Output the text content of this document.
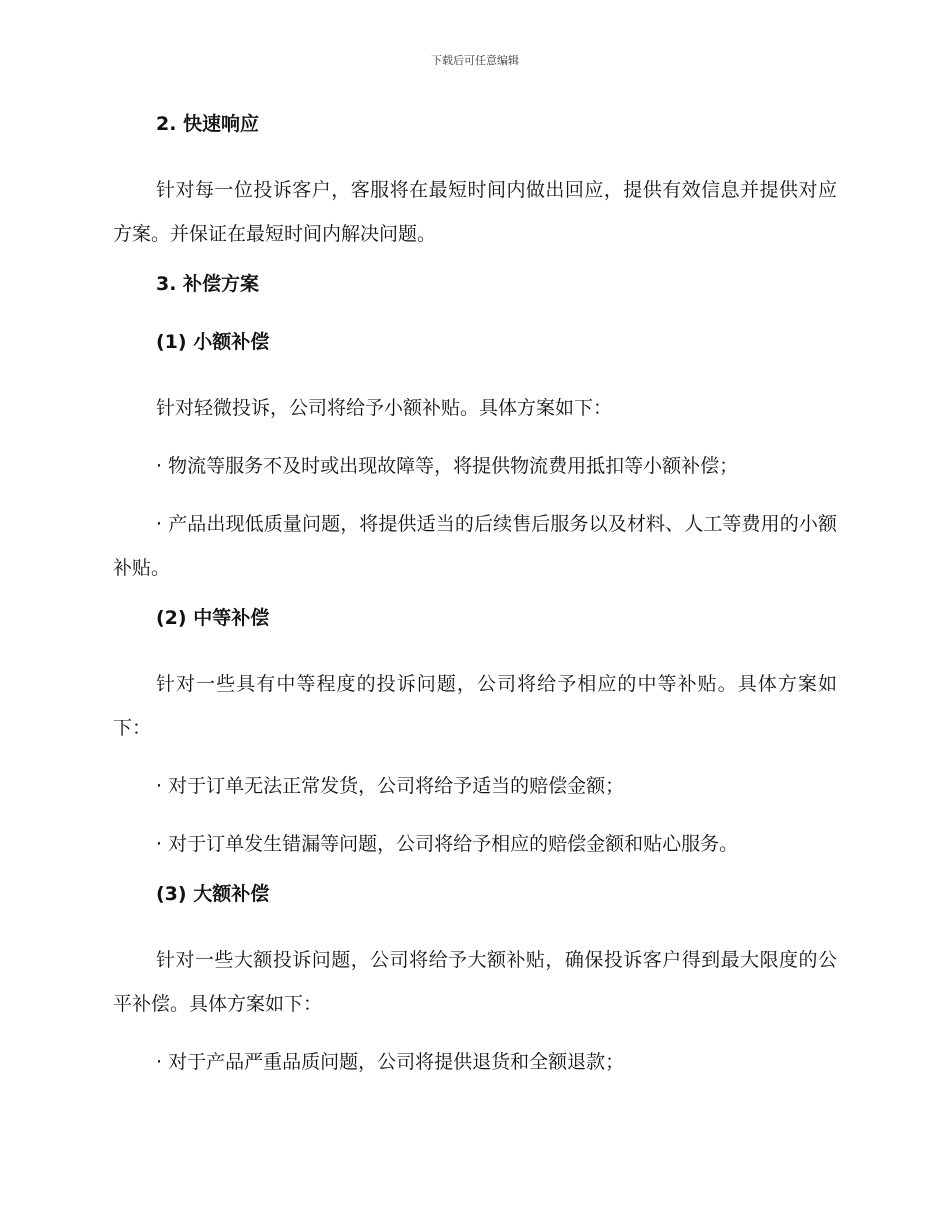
下载后可任意编辑
2. 快速响应
针对每一位投诉客户，客服将在最短时间内做出回应，提供有效信息并提供对应方案。并保证在最短时间内解决问题。
3. 补偿方案
(1) 小额补偿
针对轻微投诉，公司将给予小额补贴。具体方案如下：
· 物流等服务不及时或出现故障等，将提供物流费用抵扣等小额补偿；
· 产品出现低质量问题，将提供适当的后续售后服务以及材料、人工等费用的小额补贴。
(2) 中等补偿
针对一些具有中等程度的投诉问题，公司将给予相应的中等补贴。具体方案如下：
· 对于订单无法正常发货，公司将给予适当的赔偿金额；
· 对于订单发生错漏等问题，公司将给予相应的赔偿金额和贴心服务。
(3) 大额补偿
针对一些大额投诉问题，公司将给予大额补贴，确保投诉客户得到最大限度的公平补偿。具体方案如下：
· 对于产品严重品质问题，公司将提供退货和全额退款；
